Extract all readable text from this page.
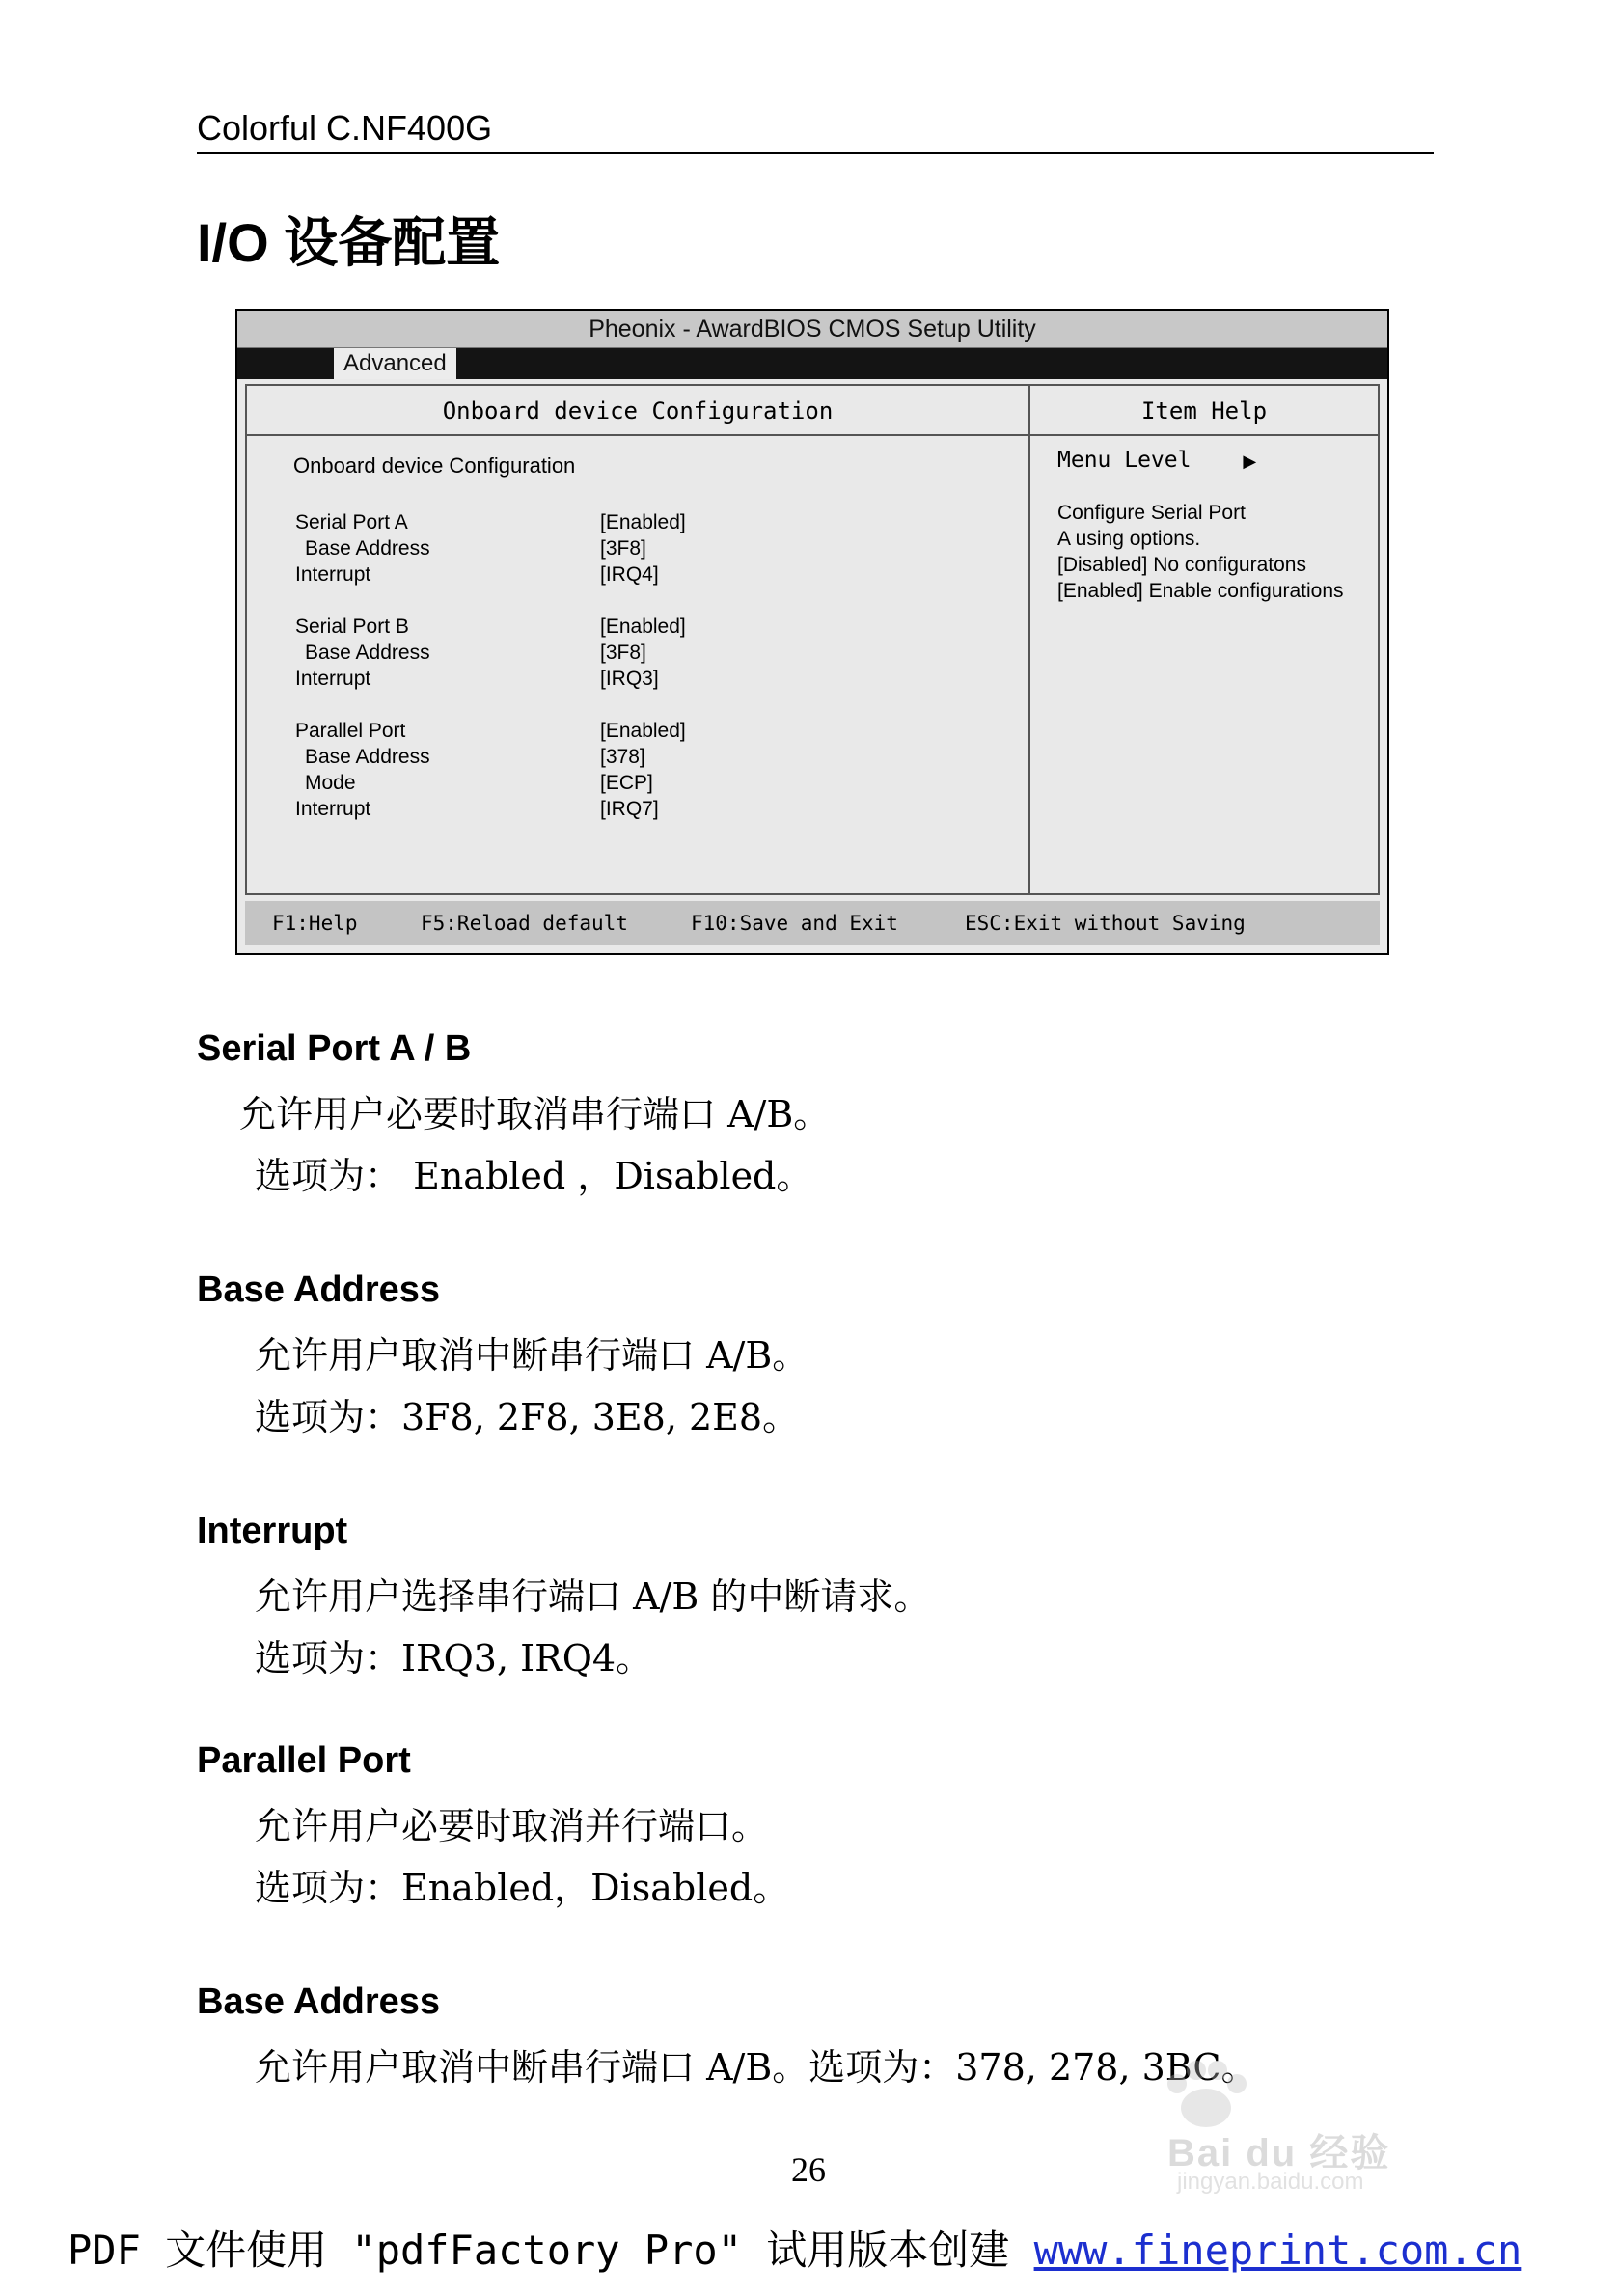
Colorful C.NF400G
I/O 设备配置
Pheonix - AwardBIOS CMOS Setup Utility
Advanced
Onboard device Configuration
Onboard device Configuration
Serial Port A	[Enabled]
Base Address	[3F8]
Interrupt	[IRQ4]
Serial Port B	[Enabled]
Base Address	[3F8]
Interrupt	[IRQ3]
Parallel Port	[Enabled]
Base Address	[378]
Mode	[ECP]
Interrupt	[IRQ7]
Item Help
Menu Level	▶
Configure Serial Port
A using options.
[Disabled] No configuratons
[Enabled] Enable configurations
F1:Help	F5:Reload default	F10:Save and Exit	ESC:Exit without Saving
Serial Port A / B
允许用户必要时取消串行端口 A/B。
选项为： Enabled ，Disabled。
Base Address
允许用户取消中断串行端口 A/B。
选项为：3F8, 2F8, 3E8, 2E8。
Interrupt
允许用户选择串行端口 A/B 的中断请求。
选项为：IRQ3, IRQ4。
Parallel Port
允许用户必要时取消并行端口。
选项为：Enabled，Disabled。
Base Address
允许用户取消中断串行端口 A/B。选项为：378, 278, 3BC。
Bai du 经验
jingyan.baidu.com
26
PDF 文件使用 "pdfFactory Pro" 试用版本创建 www.fineprint.com.cn
